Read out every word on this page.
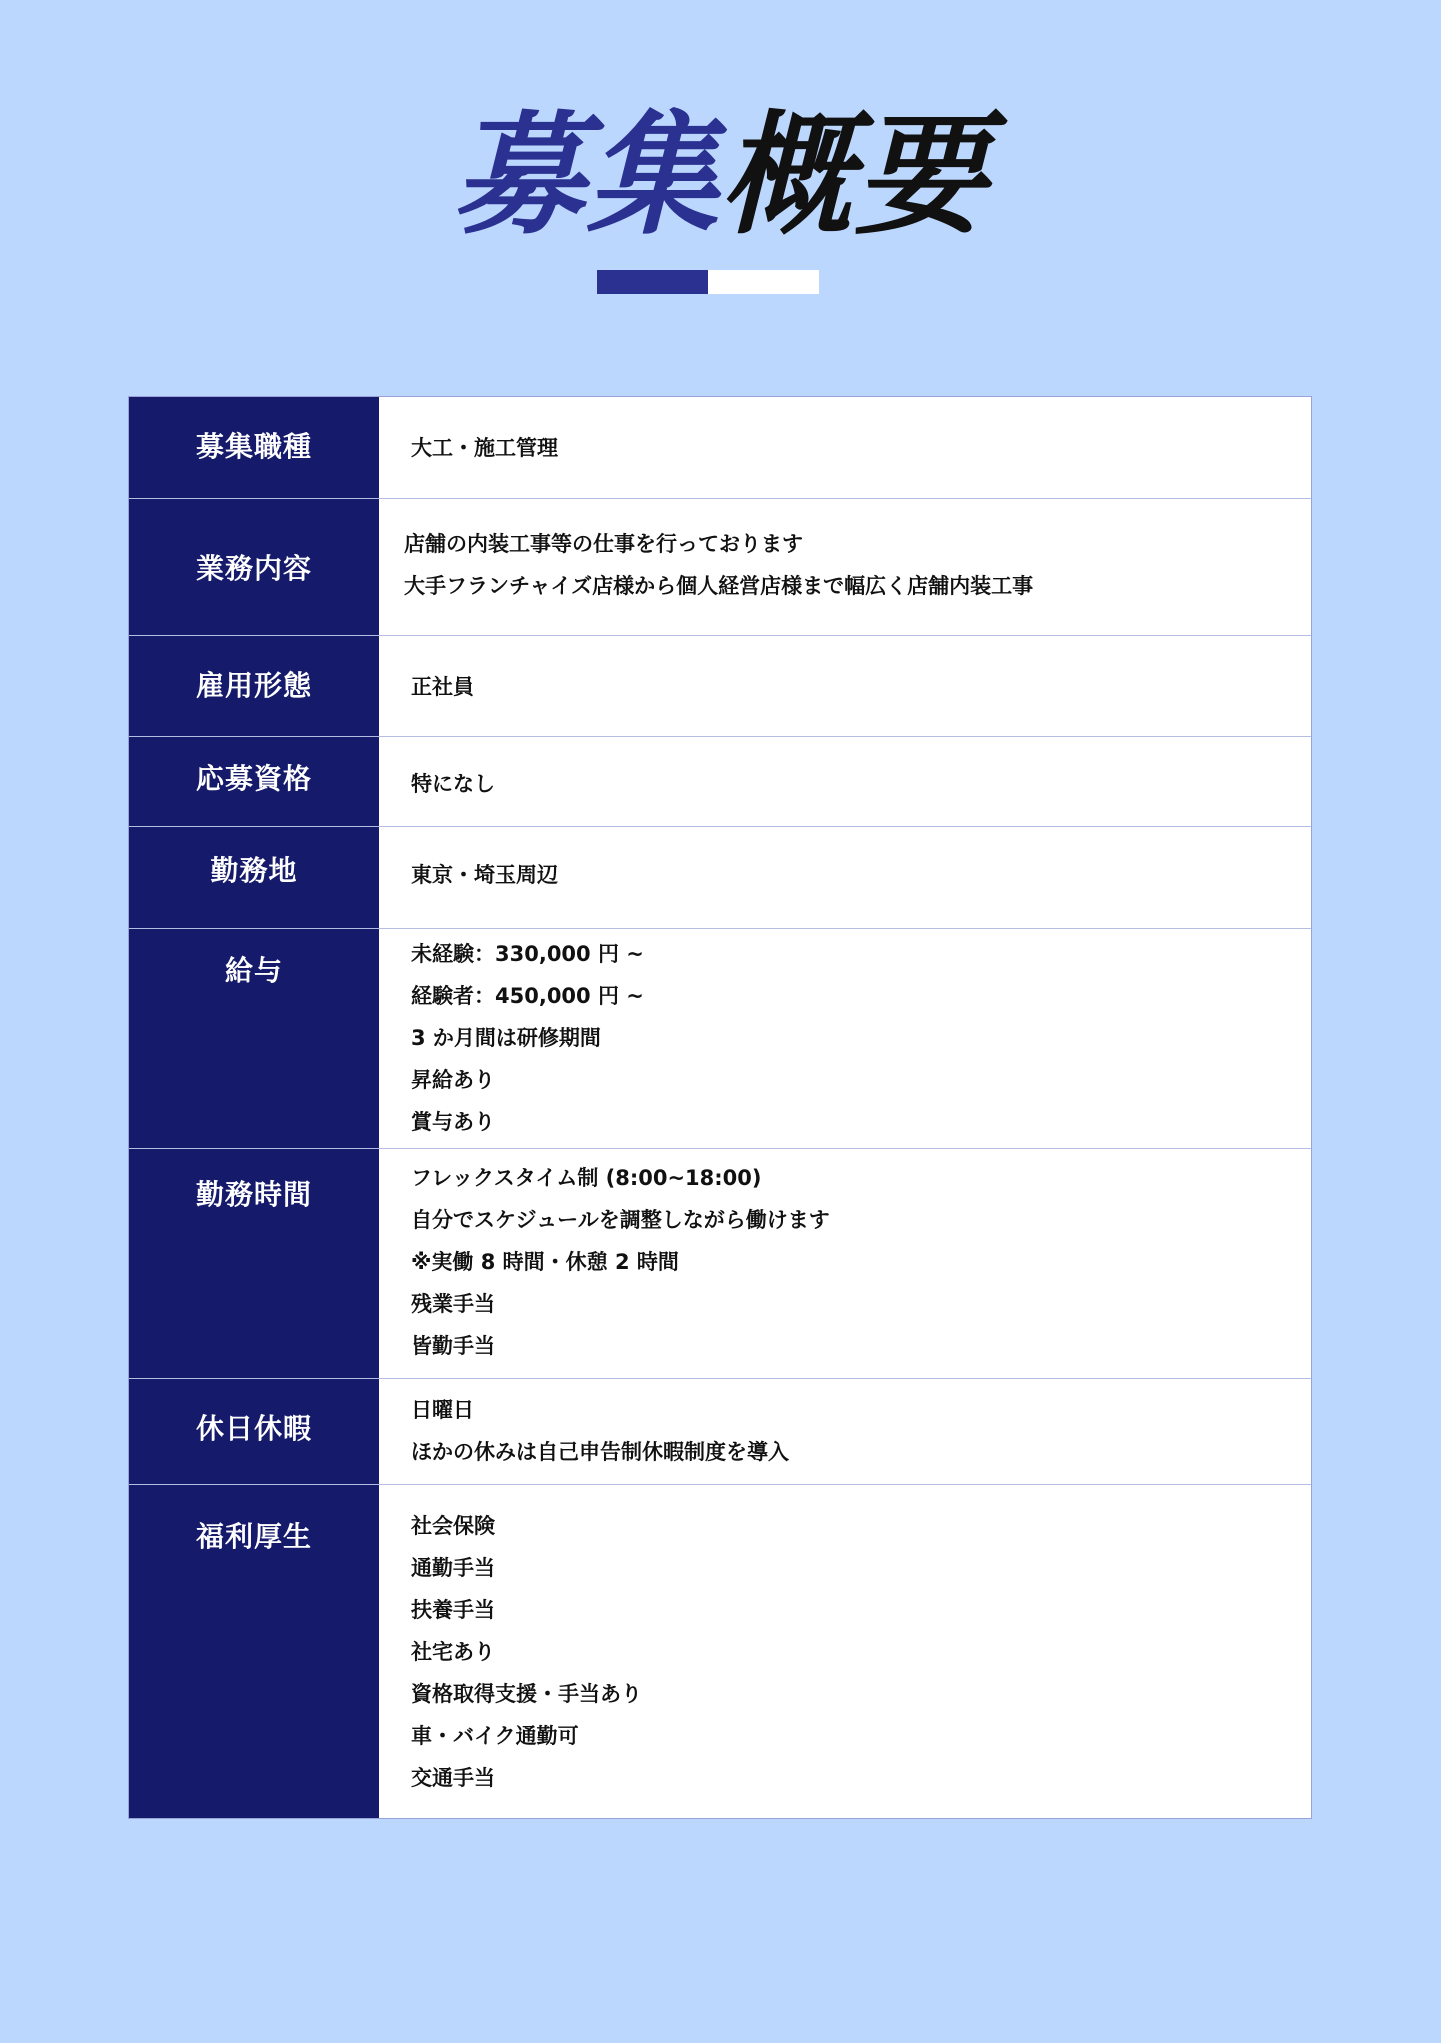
募集概要
募集職種	大工・施工管理
業務内容
店舗の内装工事等の仕事を行っております
大手フランチャイズ店様から個人経営店様まで幅広く店舗内装工事
雇用形態	正社員
応募資格	特になし
勤務地	東京・埼玉周辺
給与	未経験：330,000 円 ~
経験者：450,000 円 ~
3 か月間は研修期間
昇給あり
賞与あり
勤務時間	フレックスタイム制 (8:00~18:00)
自分でスケジュールを調整しながら働けます
※実働 8 時間・休憩 2 時間
残業手当
皆勤手当
休日休暇
日曜日
ほかの休みは自己申告制休暇制度を導入
福利厚生	社会保険
通勤手当
扶養手当
社宅あり
資格取得支援・手当あり
車・バイク通勤可
交通手当
